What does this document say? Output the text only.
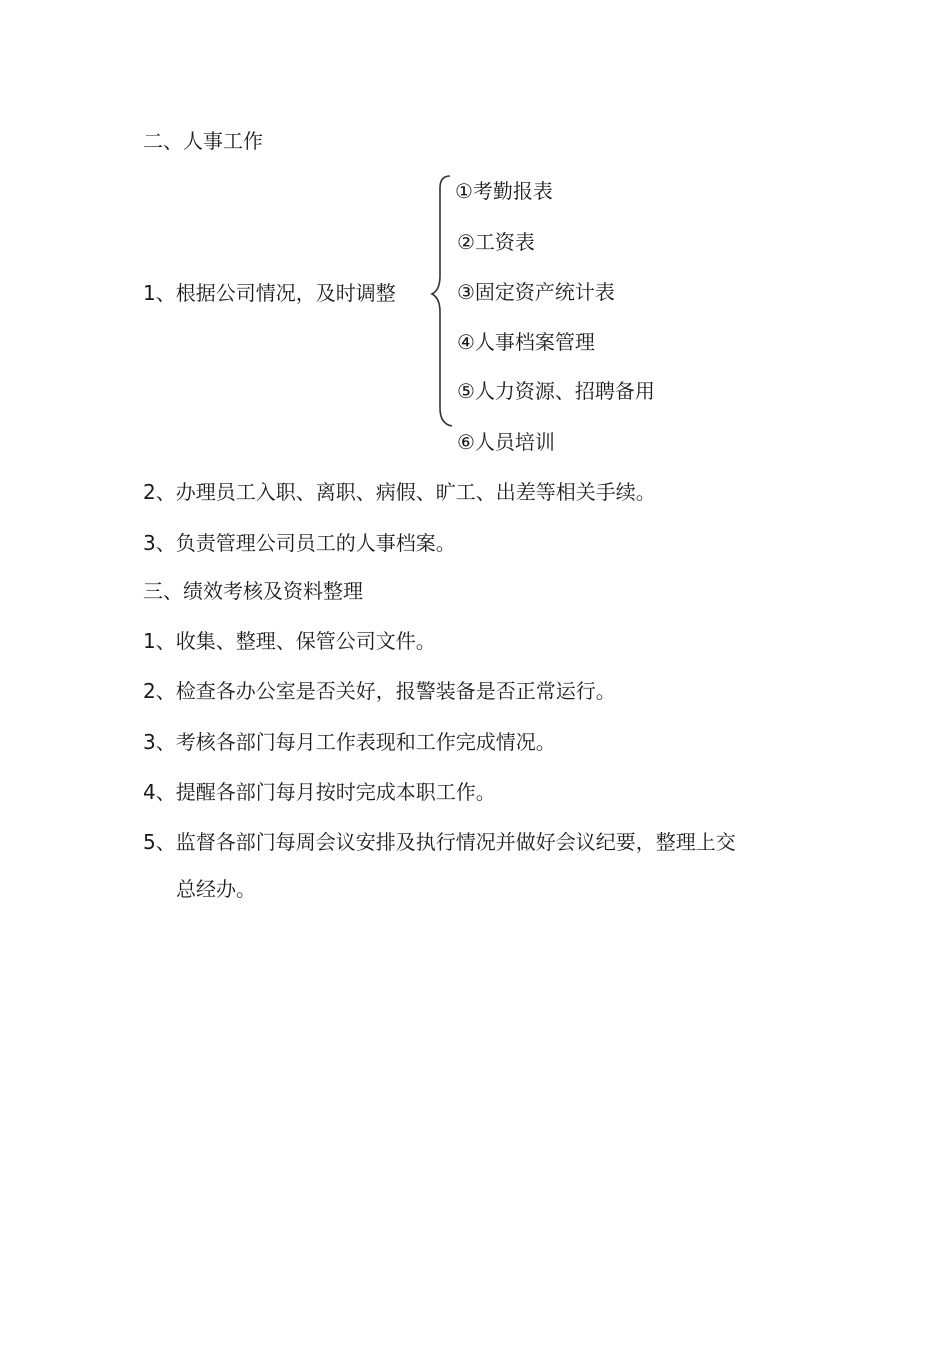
二、人事工作
1、根据公司情况，及时调整
①考勤报表
②工资表
③固定资产统计表
④人事档案管理
⑤人力资源、招聘备用
⑥人员培训
2、办理员工入职、离职、病假、旷工、出差等相关手续。
3、负责管理公司员工的人事档案。
三、绩效考核及资料整理
1、收集、整理、保管公司文件。
2、检查各办公室是否关好，报警装备是否正常运行。
3、考核各部门每月工作表现和工作完成情况。
4、提醒各部门每月按时完成本职工作。
5、监督各部门每周会议安排及执行情况并做好会议纪要，整理上交
总经办。
